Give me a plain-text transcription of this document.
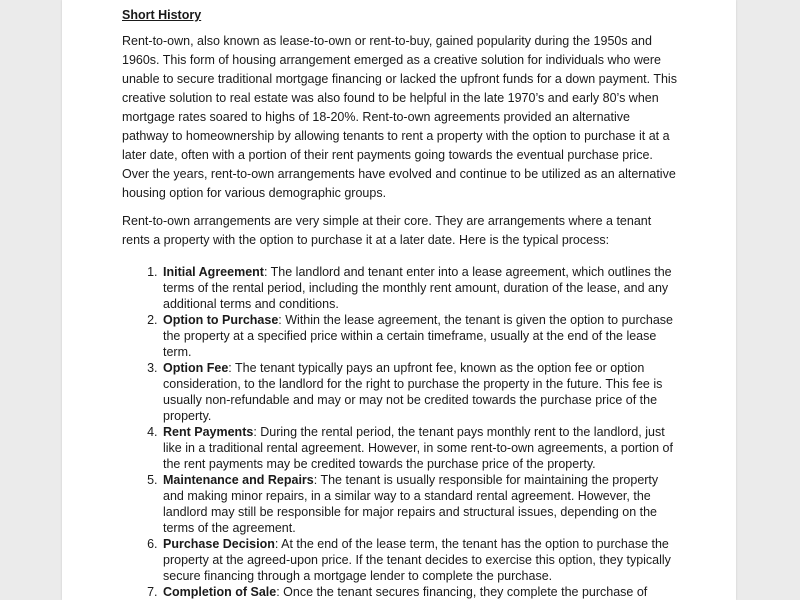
Short History

Rent-to-own, also known as lease-to-own or rent-to-buy, gained popularity during the 1950s and 1960s. This form of housing arrangement emerged as a creative solution for individuals who were unable to secure traditional mortgage financing or lacked the upfront funds for a down payment. This creative solution to real estate was also found to be helpful in the late 1970’s and early 80’s when mortgage rates soared to highs of 18-20%. Rent-to-own agreements provided an alternative pathway to homeownership by allowing tenants to rent a property with the option to purchase it at a later date, often with a portion of their rent payments going towards the eventual purchase price. Over the years, rent-to-own arrangements have evolved and continue to be utilized as an alternative housing option for various demographic groups.

Rent-to-own arrangements are very simple at their core. They are arrangements where a tenant rents a property with the option to purchase it at a later date. Here is the typical process:

1. Initial Agreement: The landlord and tenant enter into a lease agreement, which outlines the terms of the rental period, including the monthly rent amount, duration of the lease, and any additional terms and conditions.
2. Option to Purchase: Within the lease agreement, the tenant is given the option to purchase the property at a specified price within a certain timeframe, usually at the end of the lease term.
3. Option Fee: The tenant typically pays an upfront fee, known as the option fee or option consideration, to the landlord for the right to purchase the property in the future. This fee is usually non-refundable and may or may not be credited towards the purchase price of the property.
4. Rent Payments: During the rental period, the tenant pays monthly rent to the landlord, just like in a traditional rental agreement. However, in some rent-to-own agreements, a portion of the rent payments may be credited towards the purchase price of the property.
5. Maintenance and Repairs: The tenant is usually responsible for maintaining the property and making minor repairs, in a similar way to a standard rental agreement. However, the landlord may still be responsible for major repairs and structural issues, depending on the terms of the agreement.
6. Purchase Decision: At the end of the lease term, the tenant has the option to purchase the property at the agreed-upon price. If the tenant decides to exercise this option, they typically secure financing through a mortgage lender to complete the purchase.
7. Completion of Sale: Once the tenant secures financing, they complete the purchase of
